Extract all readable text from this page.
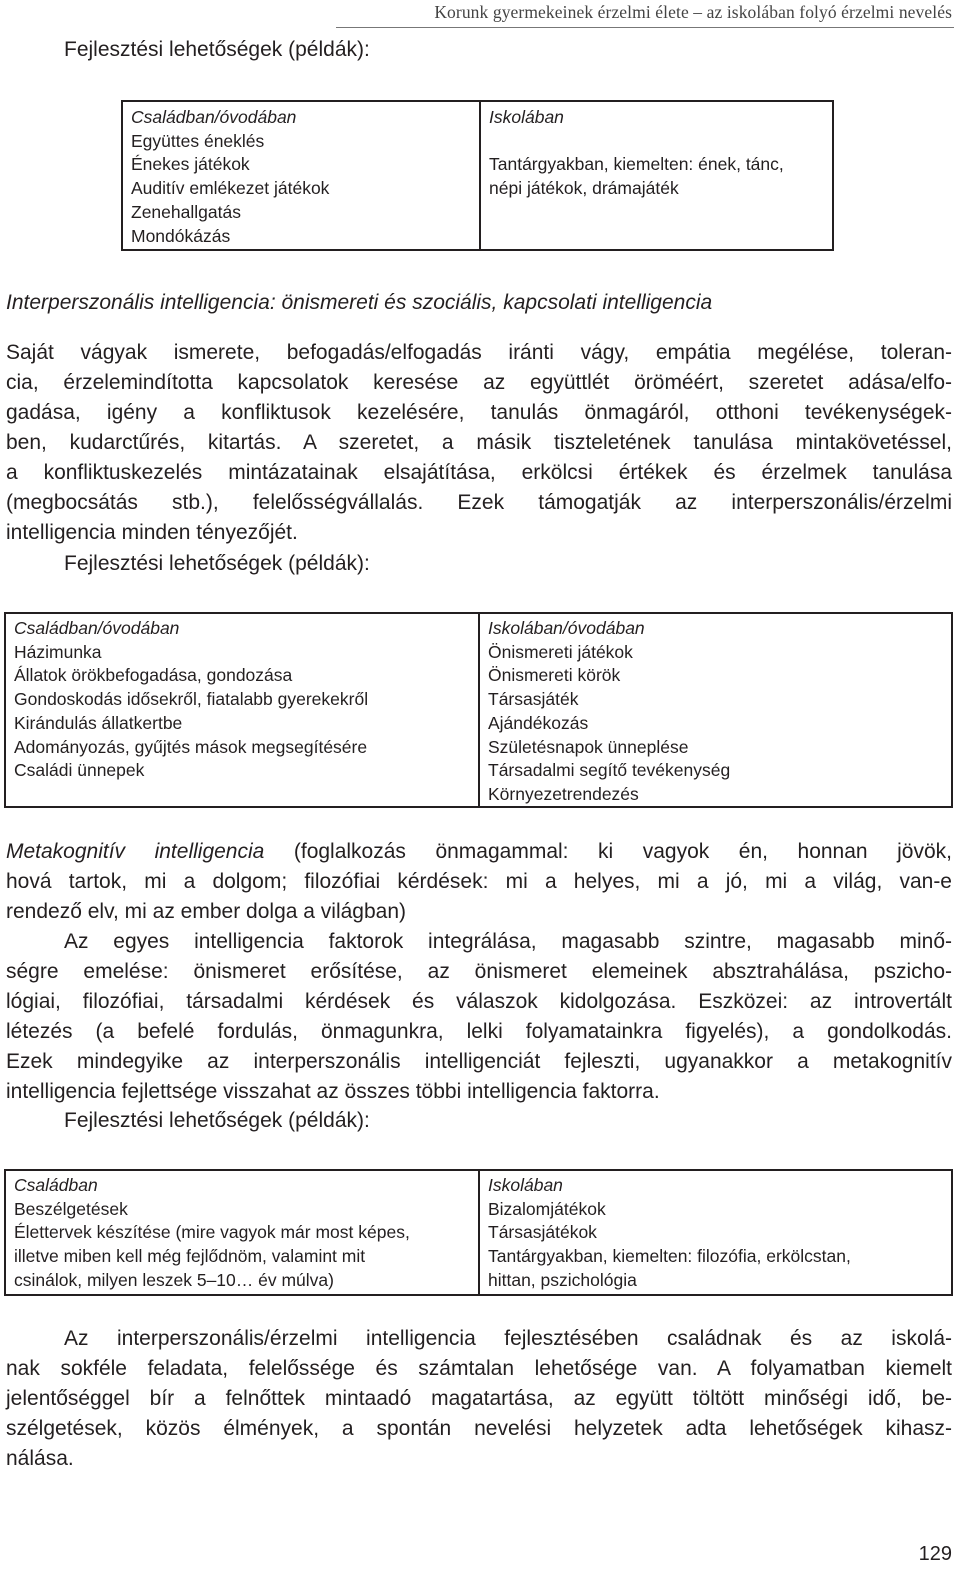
Korunk gyermekeinek érzelmi élete – az iskolában folyó érzelmi nevelés
Fejlesztési lehetőségek (példák):
Családban/óvodában
Együttes éneklés
Énekes játékok
Auditív emlékezet játékok
Zenehallgatás
Mondókázás
Iskolában
Tantárgyakban, kiemelten: ének, tánc,
népi játékok, drámajáték
Interperszonális intelligencia: önismereti és szociális, kapcsolati intelligencia
Saját vágyak ismerete, befogadás/elfogadás iránti vágy, empátia megélése, toleran-
cia, érzelemindította kapcsolatok keresése az együttlét öröméért, szeretet adása/elfo-
gadása, igény a konfliktusok kezelésére, tanulás önmagáról, otthoni tevékenységek-
ben, kudarctűrés, kitartás. A szeretet, a másik tiszteletének tanulása mintakövetéssel,
a konfliktuskezelés mintázatainak elsajátítása, erkölcsi értékek és érzelmek tanulása
(megbocsátás stb.), felelősségvállalás. Ezek támogatják az interperszonális/érzelmi
intelligencia minden tényezőjét.
Fejlesztési lehetőségek (példák):
Családban/óvodában
Házimunka
Állatok örökbefogadása, gondozása
Gondoskodás idősekről, fiatalabb gyerekekről
Kirándulás állatkertbe
Adományozás, gyűjtés mások megsegítésére
Családi ünnepek
Iskolában/óvodában
Önismereti játékok
Önismereti körök
Társasjáték
Ajándékozás
Születésnapok ünneplése
Társadalmi segítő tevékenység
Környezetrendezés
Metakognitív intelligencia (foglalkozás önmagammal: ki vagyok én, honnan jövök,
hová tartok, mi a dolgom; filozófiai kérdések: mi a helyes, mi a jó, mi a világ, van-e
rendező elv, mi az ember dolga a világban)
Az egyes intelligencia faktorok integrálása, magasabb szintre, magasabb minő-
ségre emelése: önismeret erősítése, az önismeret elemeinek absztrahálása, pszicho-
lógiai, filozófiai, társadalmi kérdések és válaszok kidolgozása. Eszközei: az introvertált
létezés (a befelé fordulás, önmagunkra, lelki folyamatainkra figyelés), a gondolkodás.
Ezek mindegyike az interperszonális intelligenciát fejleszti, ugyanakkor a metakognitív
intelligencia fejlettsége visszahat az összes többi intelligencia faktorra.
Fejlesztési lehetőségek (példák):
Családban
Beszélgetések
Élettervek készítése (mire vagyok már most képes,
illetve miben kell még fejlődnöm, valamint mit
csinálok, milyen leszek 5–10… év múlva)
Iskolában
Bizalomjátékok
Társasjátékok
Tantárgyakban, kiemelten: filozófia, erkölcstan,
hittan, pszichológia
Az interperszonális/érzelmi intelligencia fejlesztésében családnak és az iskolá-
nak sokféle feladata, felelőssége és számtalan lehetősége van. A folyamatban kiemelt
jelentőséggel bír a felnőttek mintaadó magatartása, az együtt töltött minőségi idő, be-
szélgetések, közös élmények, a spontán nevelési helyzetek adta lehetőségek kihasz-
nálása.
129
